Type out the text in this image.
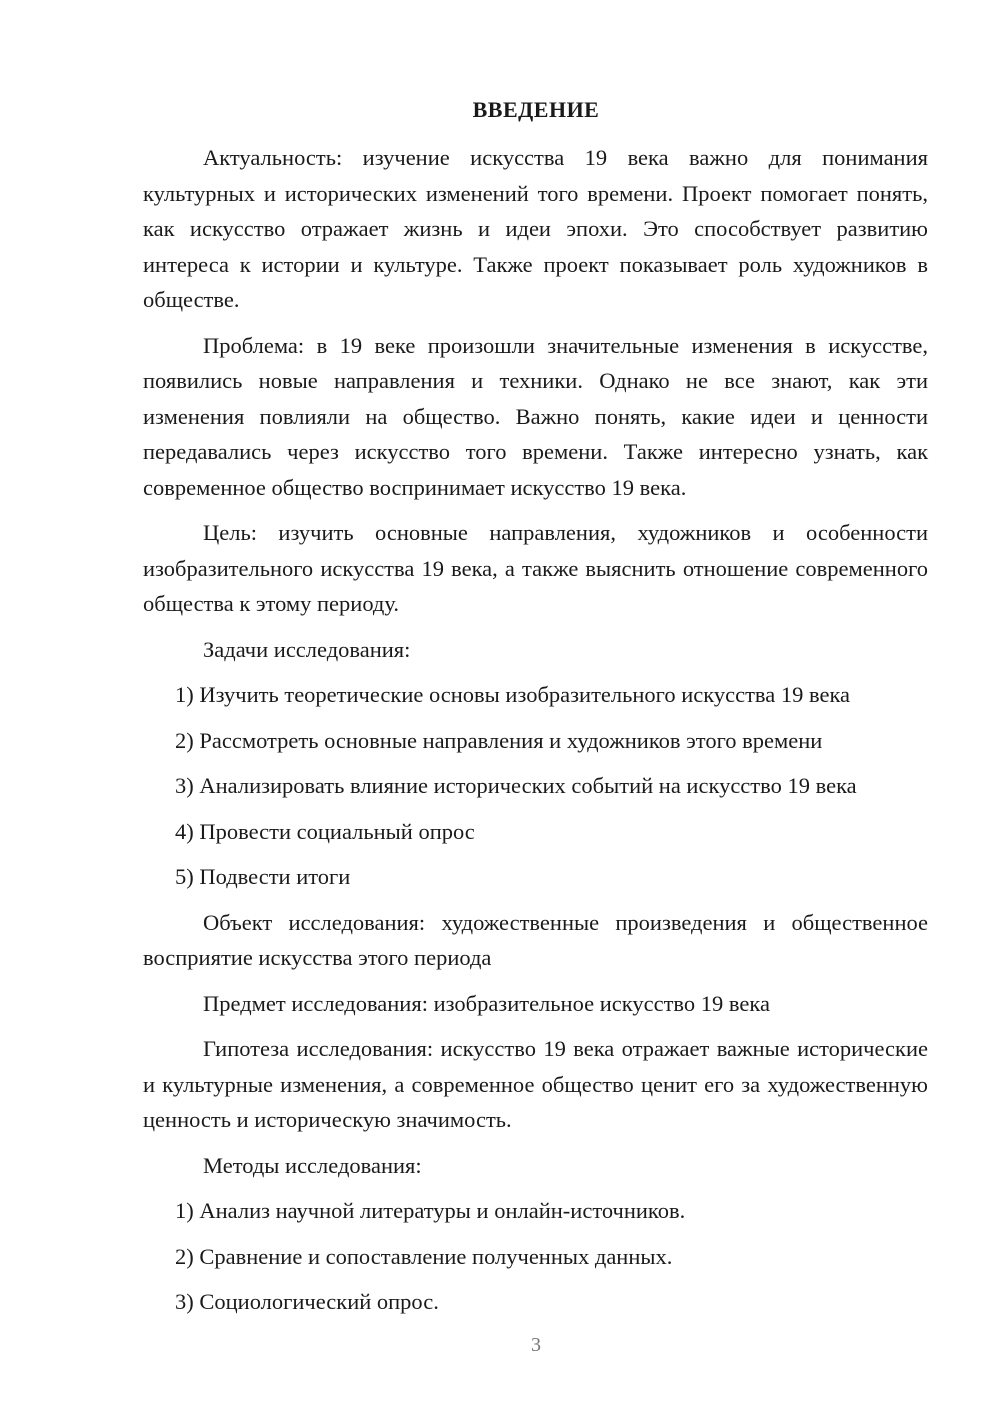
ВВЕДЕНИЕ

Актуальность: изучение искусства 19 века важно для понимания культурных и исторических изменений того времени. Проект помогает понять, как искусство отражает жизнь и идеи эпохи. Это способствует развитию интереса к истории и культуре. Также проект показывает роль художников в обществе.

Проблема: в 19 веке произошли значительные изменения в искусстве, появились новые направления и техники. Однако не все знают, как эти изменения повлияли на общество. Важно понять, какие идеи и ценности передавались через искусство того времени. Также интересно узнать, как современное общество воспринимает искусство 19 века.

Цель: изучить основные направления, художников и особенности изобразительного искусства 19 века, а также выяснить отношение современного общества к этому периоду.

Задачи исследования:

1) Изучить теоретические основы изобразительного искусства 19 века

2) Рассмотреть основные направления и художников этого времени

3) Анализировать влияние исторических событий на искусство 19 века

4) Провести социальный опрос

5) Подвести итоги

Объект исследования: художественные произведения и общественное восприятие искусства этого периода

Предмет исследования: изобразительное искусство 19 века

Гипотеза исследования: искусство 19 века отражает важные исторические и культурные изменения, а современное общество ценит его за художественную ценность и историческую значимость.

Методы исследования:

1) Анализ научной литературы и онлайн-источников.

2) Сравнение и сопоставление полученных данных.

3) Социологический опрос.

3
